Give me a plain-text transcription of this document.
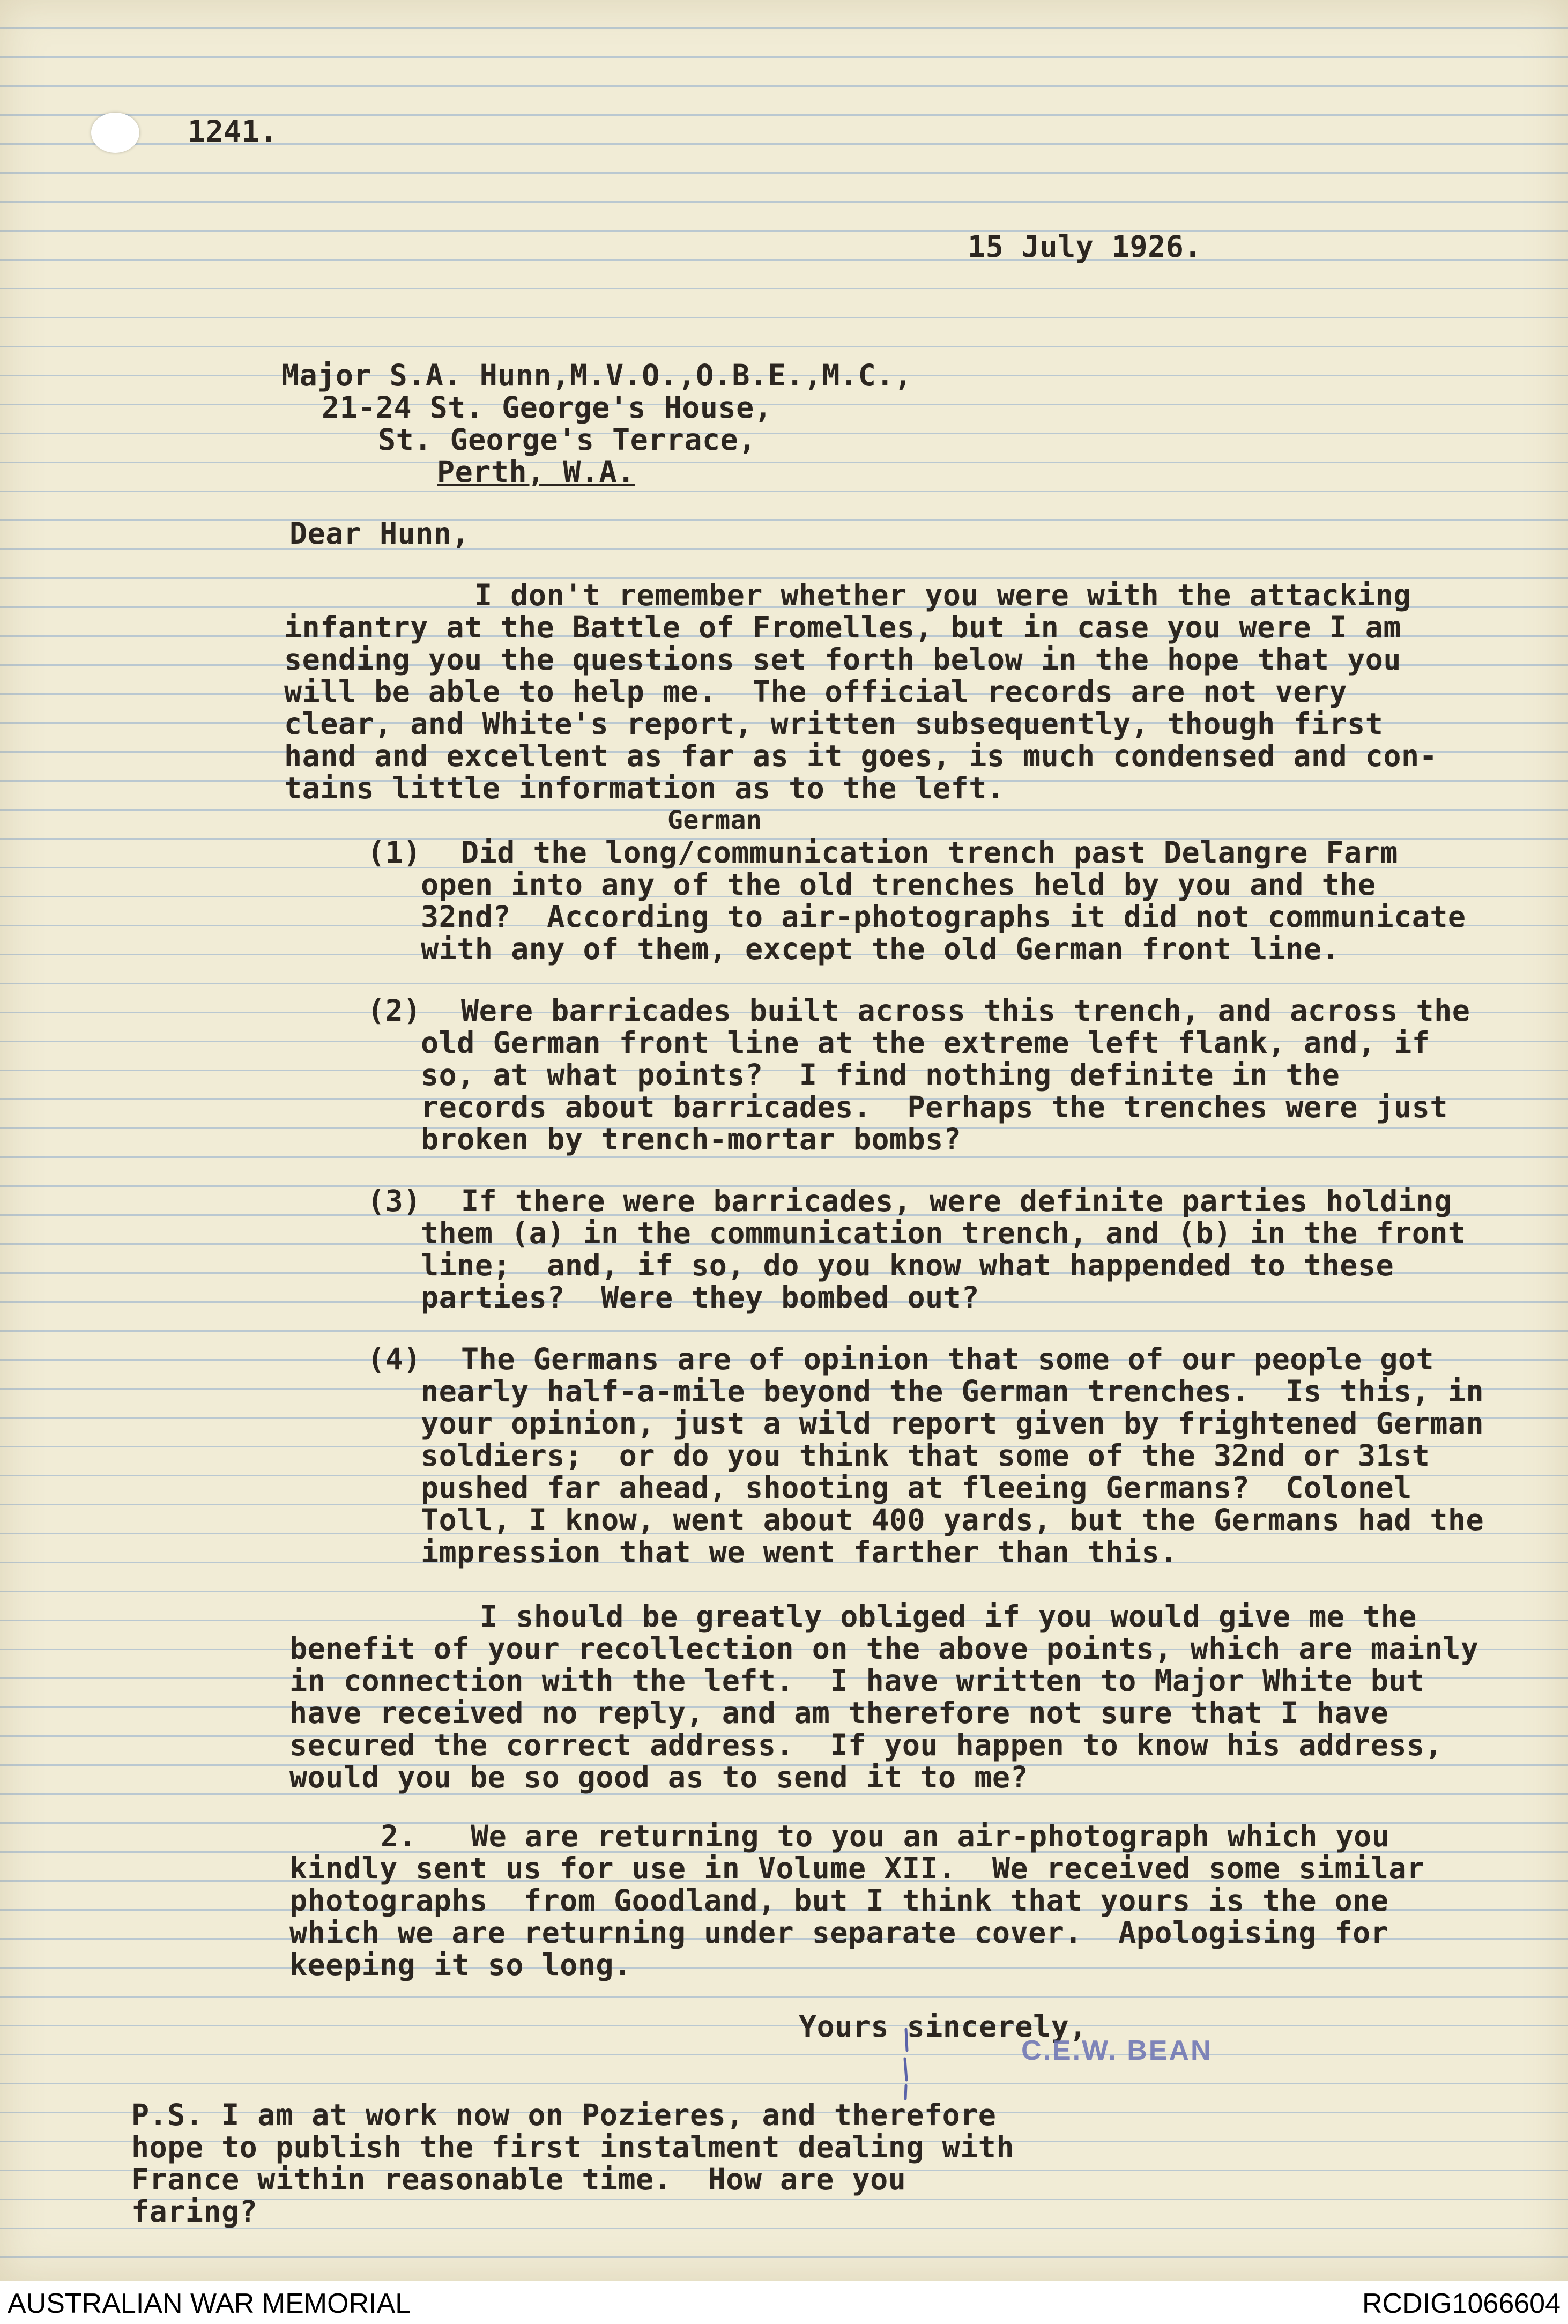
1241.
15 July 1926.
Major S.A. Hunn,M.V.O.,O.B.E.,M.C.,
21-24 St. George's House,
St. George's Terrace,
Perth, W.A.
Dear Hunn,
I don't remember whether you were with the attacking
infantry at the Battle of Fromelles, but in case you were I am
sending you the questions set forth below in the hope that you
will be able to help me.  The official records are not very
clear, and White's report, written subsequently, though first
hand and excellent as far as it goes, is much condensed and con-
tains little information as to the left.
German
(1) Did the long/communication trench past Delangre Farm
open into any of the old trenches held by you and the
32nd?  According to air-photographs it did not communicate
with any of them, except the old German front line.
(2) Were barricades built across this trench, and across the
old German front line at the extreme left flank, and, if
so, at what points?  I find nothing definite in the
records about barricades.  Perhaps the trenches were just
broken by trench-mortar bombs?
(3) If there were barricades, were definite parties holding
them (a) in the communication trench, and (b) in the front
line;  and, if so, do you know what happended to these
parties?  Were they bombed out?
(4) The Germans are of opinion that some of our people got
nearly half-a-mile beyond the German trenches.  Is this, in
your opinion, just a wild report given by frightened German
soldiers;  or do you think that some of the 32nd or 31st
pushed far ahead, shooting at fleeing Germans?  Colonel
Toll, I know, went about 400 yards, but the Germans had the
impression that we went farther than this.
I should be greatly obliged if you would give me the
benefit of your recollection on the above points, which are mainly
in connection with the left.  I have written to Major White but
have received no reply, and am therefore not sure that I have
secured the correct address.  If you happen to know his address,
would you be so good as to send it to me?
2.   We are returning to you an air-photograph which you
kindly sent us for use in Volume XII.  We received some similar
photographs  from Goodland, but I think that yours is the one
which we are returning under separate cover.  Apologising for
keeping it so long.
Yours sincerely,
C.E.W. BEAN
P.S. I am at work now on Pozieres, and therefore
hope to publish the first instalment dealing with
France within reasonable time.  How are you
faring?
AUSTRALIAN WAR MEMORIAL	RCDIG1066604
